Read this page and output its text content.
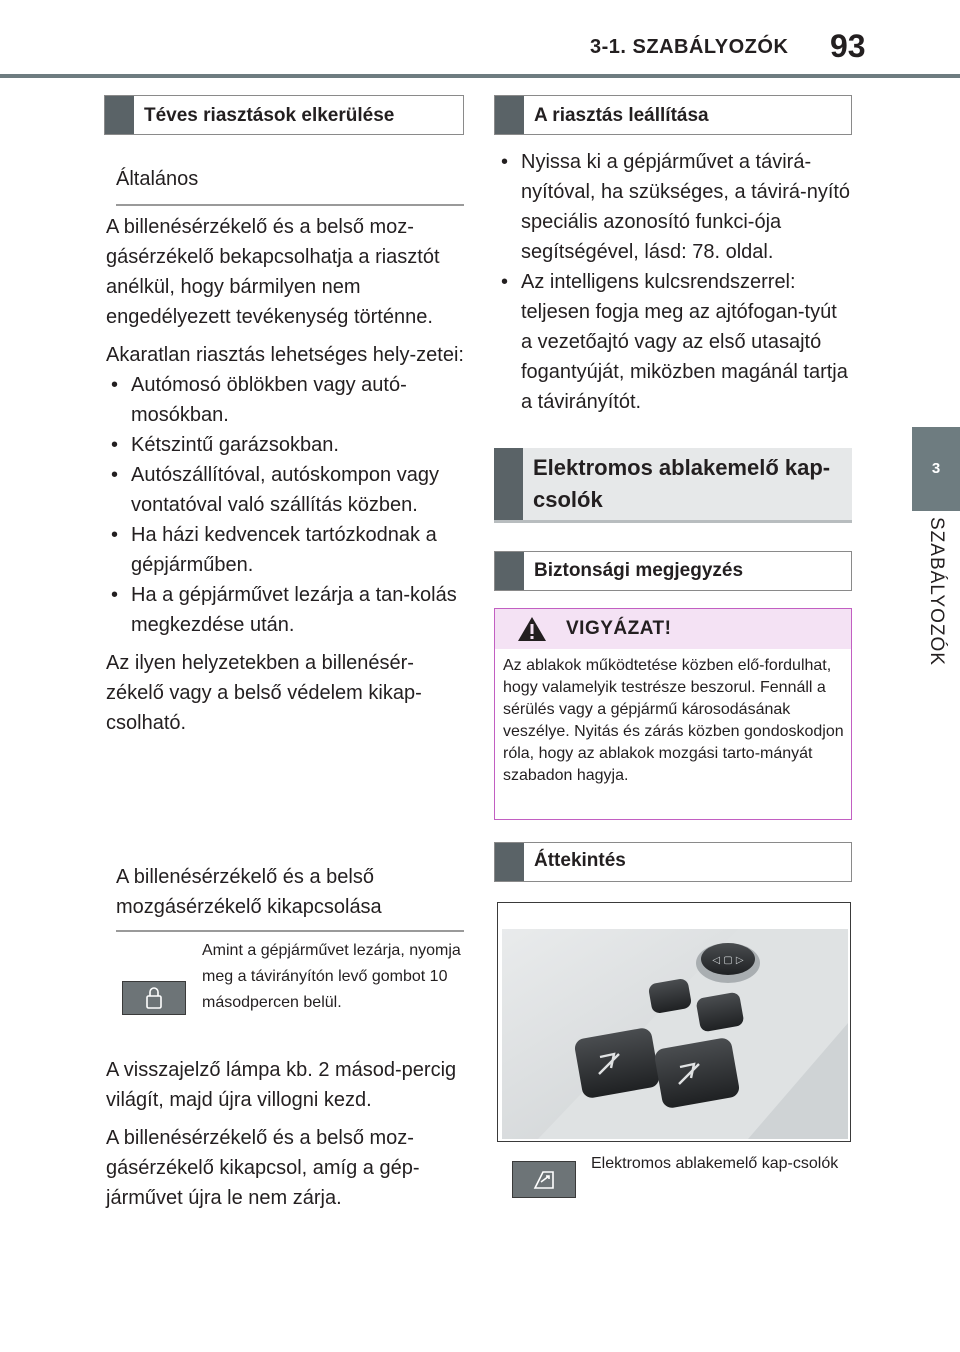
3-1. SZABÁLYOZÓK 93
3
SZABÁLYOZÓK
Téves riasztások elkerülése
Általános

A billenésérzékelő és a belső moz-gásérzékelő bekapcsolhatja a riasztót anélkül, hogy bármilyen nem engedélyezett tevékenység történne.

Akaratlan riasztás lehetséges hely-zetei:

• Autómosó öblökben vagy autó-mosókban.
• Kétszintű garázsokban.
• Autószállítóval, autóskompon vagy vontatóval való szállítás közben.
• Ha házi kedvencek tartózkodnak a gépjárműben.
• Ha a gépjárművet lezárja a tan-kolás megkezdése után.

Az ilyen helyzetekben a billenésér-zékelő vagy a belső védelem kikap-csolható.

A billenésérzékelő és a belső mozgásérzékelő kikapcsolása
Amint a gépjárművet lezárja, nyomja meg a távirányítón levő gombot 10 másodpercen belül.

A visszajelző lámpa kb. 2 másod-percig világít, majd újra villogni kezd.

A billenésérzékelő és a belső moz-gásérzékelő kikapcsol, amíg a gép-járművet újra le nem zárja.

A riasztás leállítása
• Nyissa ki a gépjárművet a távirá-nyítóval, ha szükséges, a távirá-nyító speciális azonosító funkci-ója segítségével, lásd: 78. oldal.
• Az intelligens kulcsrendszerrel: teljesen fogja meg az ajtófogan-tyút a vezetőajtó vagy az első utasajtó fogantyúját, miközben magánál tartja a távirányítót.
Elektromos ablakemelő kap-csolók
Biztonsági megjegyzés
VIGYÁZAT!
Az ablakok működtetése közben elő-fordulhat, hogy valamelyik testrésze beszorul. Fennáll a sérülés vagy a gépjármű károsodásának veszélye. Nyitás és zárás közben gondoskodjon róla, hogy az ablakok mozgási tarto-mányát szabadon hagyja.
Áttekintés
◁ ▢ ▷
Elektromos ablakemelő kap-csolók
